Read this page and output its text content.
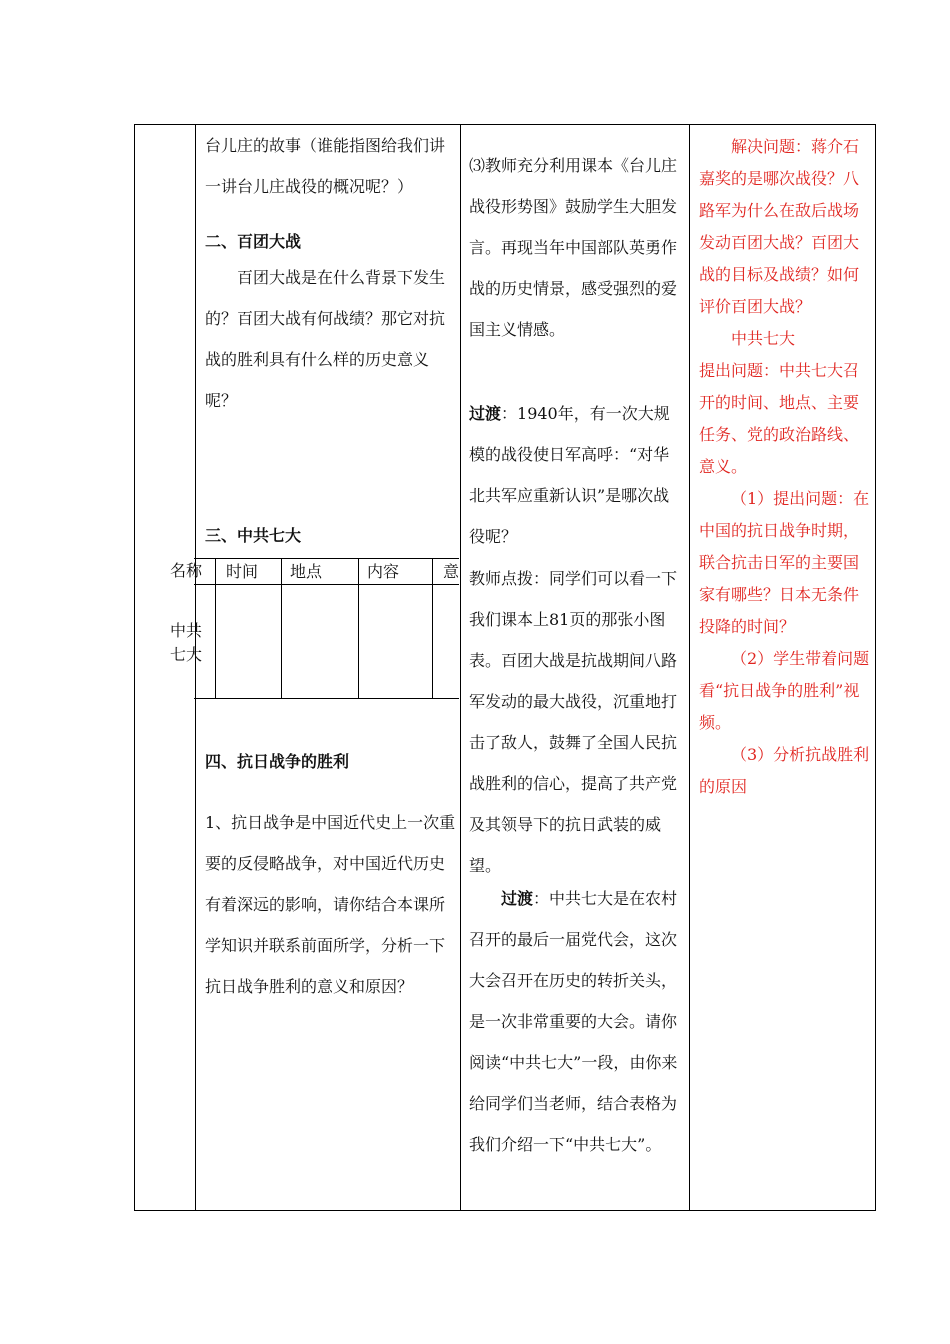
台儿庄的故事（谁能指图给我们讲一讲台儿庄战役的概况呢？）
二、百团大战
百团大战是在什么背景下发生的？百团大战有何战绩？那它对抗战的胜利具有什么样的历史意义呢？
三、中共七大
四、抗日战争的胜利
1、抗日战争是中国近代史上一次重要的反侵略战争，对中国近代历史有着深远的影响，请你结合本课所学知识并联系前面所学，分析一下抗日战争胜利的意义和原因？
⑶教师充分利用课本《台儿庄战役形势图》鼓励学生大胆发言。再现当年中国部队英勇作战的历史情景，感受强烈的爱国主义情感。
过渡：1940年，有一次大规模的战役使日军高呼：“对华北共军应重新认识”是哪次战役呢？
教师点拨：同学们可以看一下我们课本上81页的那张小图表。百团大战是抗战期间八路军发动的最大战役，沉重地打击了敌人，鼓舞了全国人民抗战胜利的信心，提高了共产党及其领导下的抗日武装的威望。
过渡：中共七大是在农村召开的最后一届党代会，这次大会召开在历史的转折关头，是一次非常重要的大会。请你阅读“中共七大”一段，由你来给同学们当老师，结合表格为我们介绍一下“中共七大”。
解决问题：蒋介石嘉奖的是哪次战役？八路军为什么在敌后战场发动百团大战？百团大战的目标及战绩？如何评价百团大战？
中共七大
提出问题：中共七大召开的时间、地点、主要任务、党的政治路线、意义。
（1）提出问题：在中国的抗日战争时期，联合抗击日军的主要国家有哪些？日本无条件投降的时间？
（2）学生带着问题看“抗日战争的胜利”视频。
（3）分析抗战胜利的原因
时间 地点	内容	意
名称
中共七大
